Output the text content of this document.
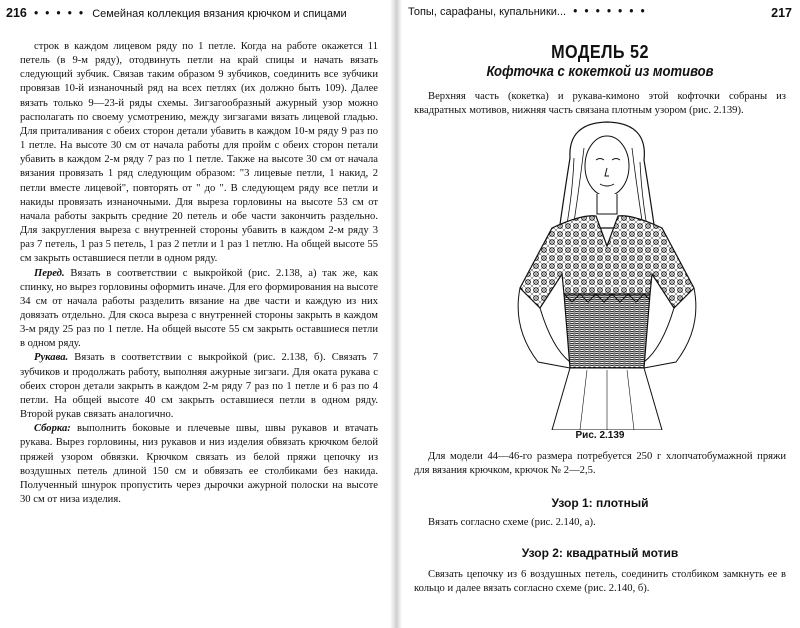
216 • • • • • Семейная коллекция вязания крючком и спицами

строк в каждом лицевом ряду по 1 петле. Когда на работе окажется 11 петель (в 9-м ряду), отодвинуть петли на край спицы и начать вязать следующий зубчик. Связав таким образом 9 зубчиков, соединить все зубчики провязав 10-й изнаночный ряд на всех петлях (их должно быть 109). Далее вязать только 9—23-й ряды схемы. Зигзагообразный ажурный узор можно располагать по своему усмотрению, между зигзагами вязать лицевой гладью. Для приталивания с обеих сторон детали убавить в каждом 10-м ряду 9 раз по 1 петле. На высоте 30 см от начала работы для пройм с обеих сторон петали убавить в каждом 2-м ряду 7 раз по 1 петле. Также на высоте 30 см от начала вязания провязать 1 ряд следующим образом: "3 лицевые петли, 1 накид, 2 петли вместе лицевой", повторять от " до ". В следующем ряду все петли и накиды провязать изнаночными. Для выреза горловины на высоте 53 см от начала работы закрыть средние 20 петель и обе части закончить раздельно. Для закругления выреза с внутренней стороны убавить в каждом 2-м ряду 3 раз 7 петель, 1 раз 5 петель, 1 раз 2 петли и 1 раз 1 петлю. На общей высоте 55 см закрыть оставшиеся петли в одном ряду.

Перед. Вязать в соответствии с выкройкой (рис. 2.138, а) так же, как спинку, но вырез горловины оформить иначе. Для его формирования на высоте 34 см от начала работы разделить вязание на две части и каждую из них довязать отдельно. Для скоса выреза с внутренней стороны закрыть в каждом 3-м ряду 25 раз по 1 петле. На общей высоте 55 см закрыть оставшиеся петли в одном ряду.

Рукава. Вязать в соответствии с выкройкой (рис. 2.138, б). Связать 7 зубчиков и продолжать работу, выполняя ажурные зигзаги. Для оката рукава с обеих сторон детали закрыть в каждом 2-м ряду 7 раз по 1 петле и 6 раз по 4 петли. На общей высоте 40 см закрыть оставшиеся петли в одном ряду. Второй рукав связать аналогично.

Сборка: выполнить боковые и плечевые швы, швы рукавов и втачать рукава. Вырез горловины, низ рукавов и низ изделия обвязать крючком белой пряжей узором обвязки. Крючком связать из белой пряжи цепочку из воздушных петель длиной 150 см и обвязать ее столбиками без накида. Полученный шнурок пропустить через дырочки ажурной полоски на высоте 30 см от низа изделия.

Топы, сарафаны, купальники... • • • • • • •	217
МОДЕЛЬ 52
Кофточка с кокеткой из мотивов
Верхняя часть (кокетка) и рукава-кимоно этой кофточки собраны из квадратных мотивов, нижняя часть связана плотным узором (рис. 2.139).
Рис. 2.139
Для модели 44—46-го размера потребуется 250 г хлопчатобумажной пряжи для вязания крючком, крючок № 2—2,5.
Узор 1: плотный
Вязать согласно схеме (рис. 2.140, а).
Узор 2: квадратный мотив
Связать цепочку из 6 воздушных петель, соединить столбиком замкнуть ее в кольцо и далее вязать согласно схеме (рис. 2.140, б).
